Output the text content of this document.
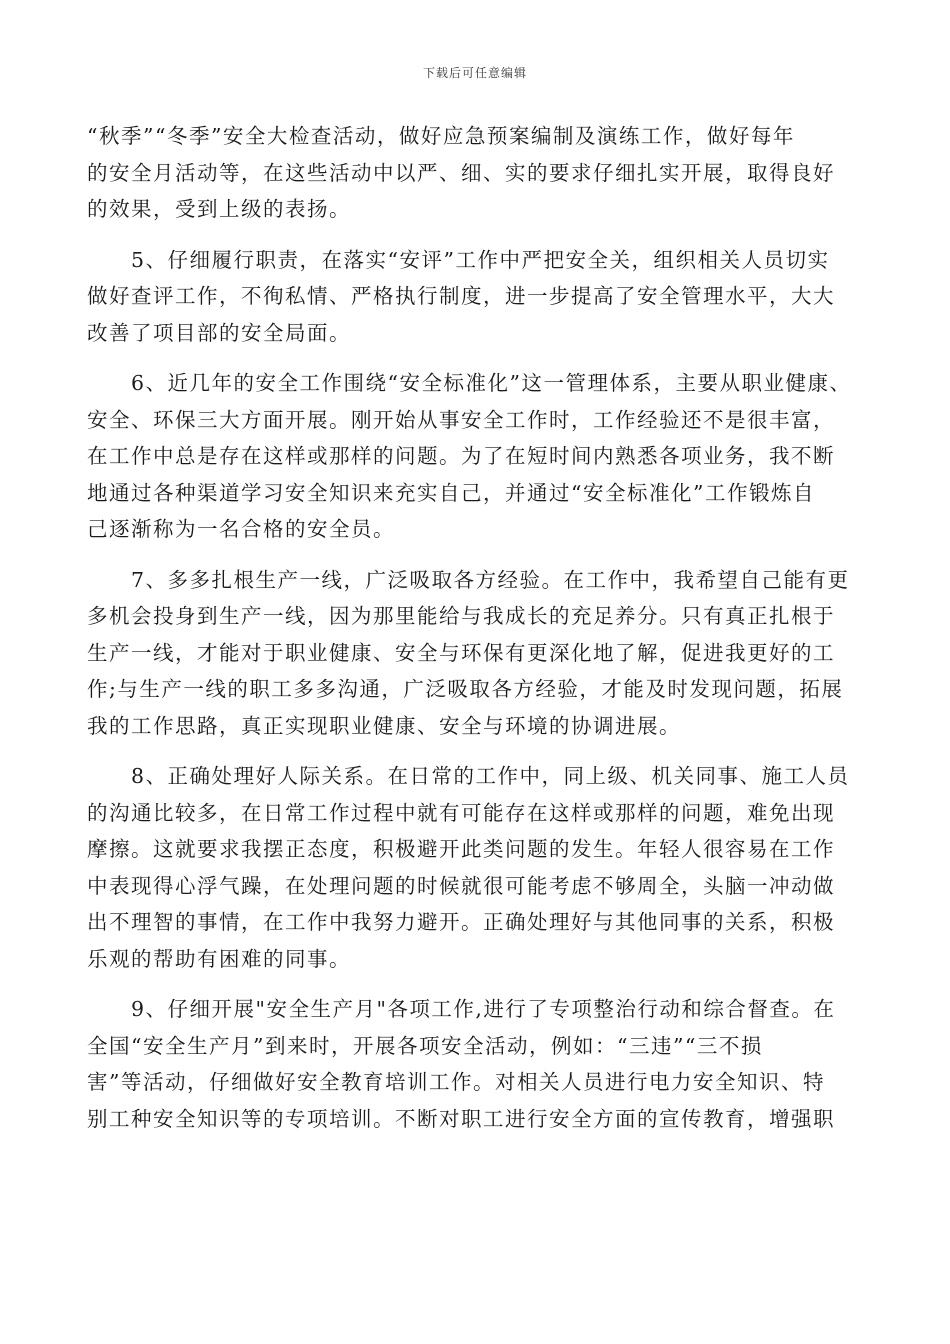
下载后可任意编辑

“秋季”“冬季”安全大检查活动，做好应急预案编制及演练工作，做好每年
的安全月活动等，在这些活动中以严、细、实的要求仔细扎实开展，取得良好
的效果，受到上级的表扬。

5、仔细履行职责，在落实“安评”工作中严把安全关，组织相关人员切实
做好查评工作，不徇私情、严格执行制度，进一步提高了安全管理水平，大大
改善了项目部的安全局面。

6、近几年的安全工作围绕“安全标准化”这一管理体系，主要从职业健康、
安全、环保三大方面开展。刚开始从事安全工作时，工作经验还不是很丰富，
在工作中总是存在这样或那样的问题。为了在短时间内熟悉各项业务，我不断
地通过各种渠道学习安全知识来充实自己，并通过“安全标准化”工作锻炼自
己逐渐称为一名合格的安全员。

7、多多扎根生产一线，广泛吸取各方经验。在工作中，我希望自己能有更
多机会投身到生产一线，因为那里能给与我成长的充足养分。只有真正扎根于
生产一线，才能对于职业健康、安全与环保有更深化地了解，促进我更好的工
作;与生产一线的职工多多沟通，广泛吸取各方经验，才能及时发现问题，拓展
我的工作思路，真正实现职业健康、安全与环境的协调进展。

8、正确处理好人际关系。在日常的工作中，同上级、机关同事、施工人员
的沟通比较多，在日常工作过程中就有可能存在这样或那样的问题，难免出现
摩擦。这就要求我摆正态度，积极避开此类问题的发生。年轻人很容易在工作
中表现得心浮气躁，在处理问题的时候就很可能考虑不够周全，头脑一冲动做
出不理智的事情，在工作中我努力避开。正确处理好与其他同事的关系，积极
乐观的帮助有困难的同事。

9、仔细开展"安全生产月"各项工作,进行了专项整治行动和综合督查。在
全国“安全生产月”到来时，开展各项安全活动，例如：“三违”“三不损
害”等活动，仔细做好安全教育培训工作。对相关人员进行电力安全知识、特
别工种安全知识等的专项培训。不断对职工进行安全方面的宣传教育，增强职
